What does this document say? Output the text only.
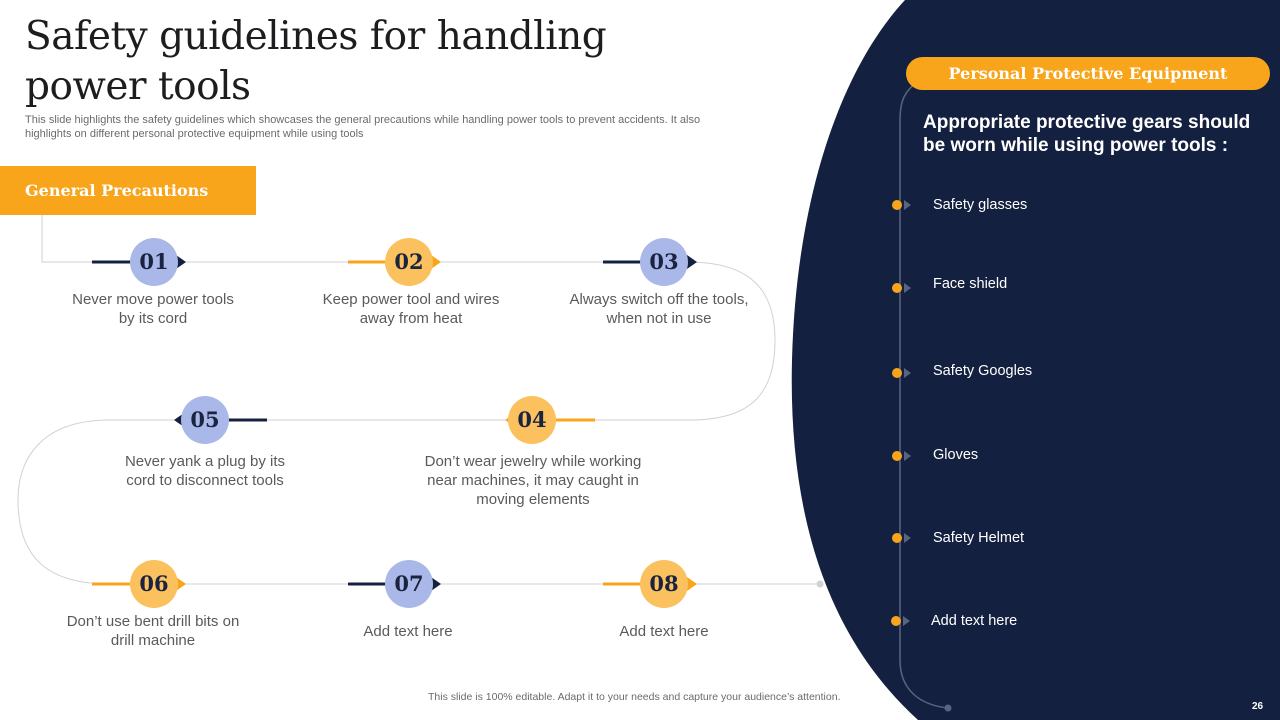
Safety guidelines for handling power tools
This slide highlights the safety guidelines which showcases the general precautions while handling power tools to prevent accidents. It also highlights on different personal protective equipment while using tools
General Precautions
01
Never move power tools by its cord
02
Keep power tool and wires away from heat
03
Always switch off the tools, when not in use
04
Don’t wear jewelry while working near machines, it may caught in moving elements
05
Never yank a plug by its cord to disconnect tools
06
Don’t use bent drill bits on drill machine
07
Add text here
08
Add text here
Personal Protective Equipment
Appropriate protective gears should be worn while using power tools :
Safety glasses
Face shield
Safety Googles
Gloves
Safety Helmet
Add text here
This slide is 100% editable. Adapt it to your needs and capture your audience’s attention.
26
